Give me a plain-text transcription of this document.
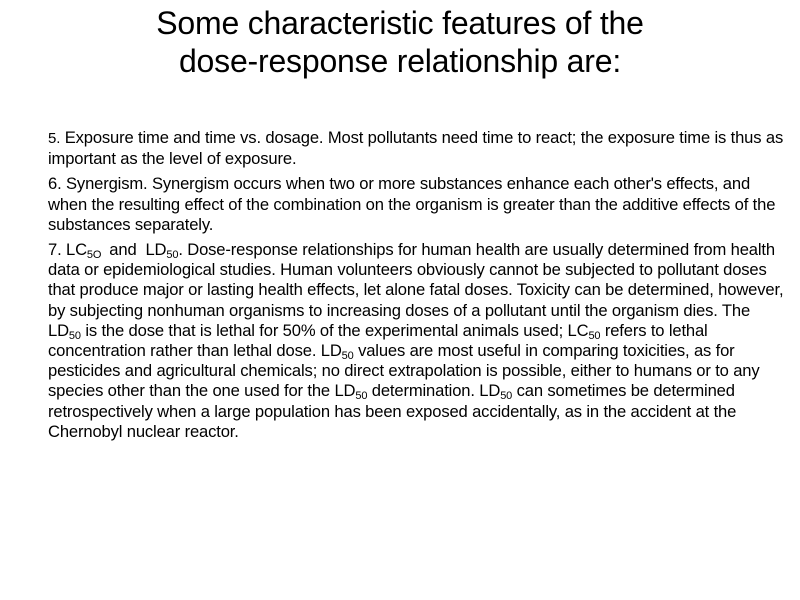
Some characteristic features of the
dose-response relationship are:

5. Exposure time and time vs. dosage. Most pollutants need time to react; the exposure time is thus as important as the level of exposure.

6. Synergism. Synergism occurs when two or more substances enhance each other's effects, and when the resulting effect of the combination on the organism is greater than the additive effects of the substances separately.

7. $LC_{5O}$ and $LD_{50}$. Dose-response relationships for human health are usually determined from health data or epidemiological studies. Human volunteers obviously cannot be subjected to pollutant doses that produce major or lasting health effects, let alone fatal doses. Toxicity can be determined, however, by subjecting nonhuman organisms to increasing doses of a pollutant until the organism dies. The $LD_{50}$ is the dose that is lethal for 50% of the experimental animals used; $LC_{50}$ refers to lethal concentration rather than lethal dose. $LD_{50}$ values are most useful in comparing toxicities, as for pesticides and agricultural chemicals; no direct extrapolation is possible, either to humans or to any species other than the one used for the $LD_{50}$ determination. $LD_{50}$ can sometimes be determined retrospectively when a large population has been exposed accidentally, as in the accident at the Chernobyl nuclear reactor.
